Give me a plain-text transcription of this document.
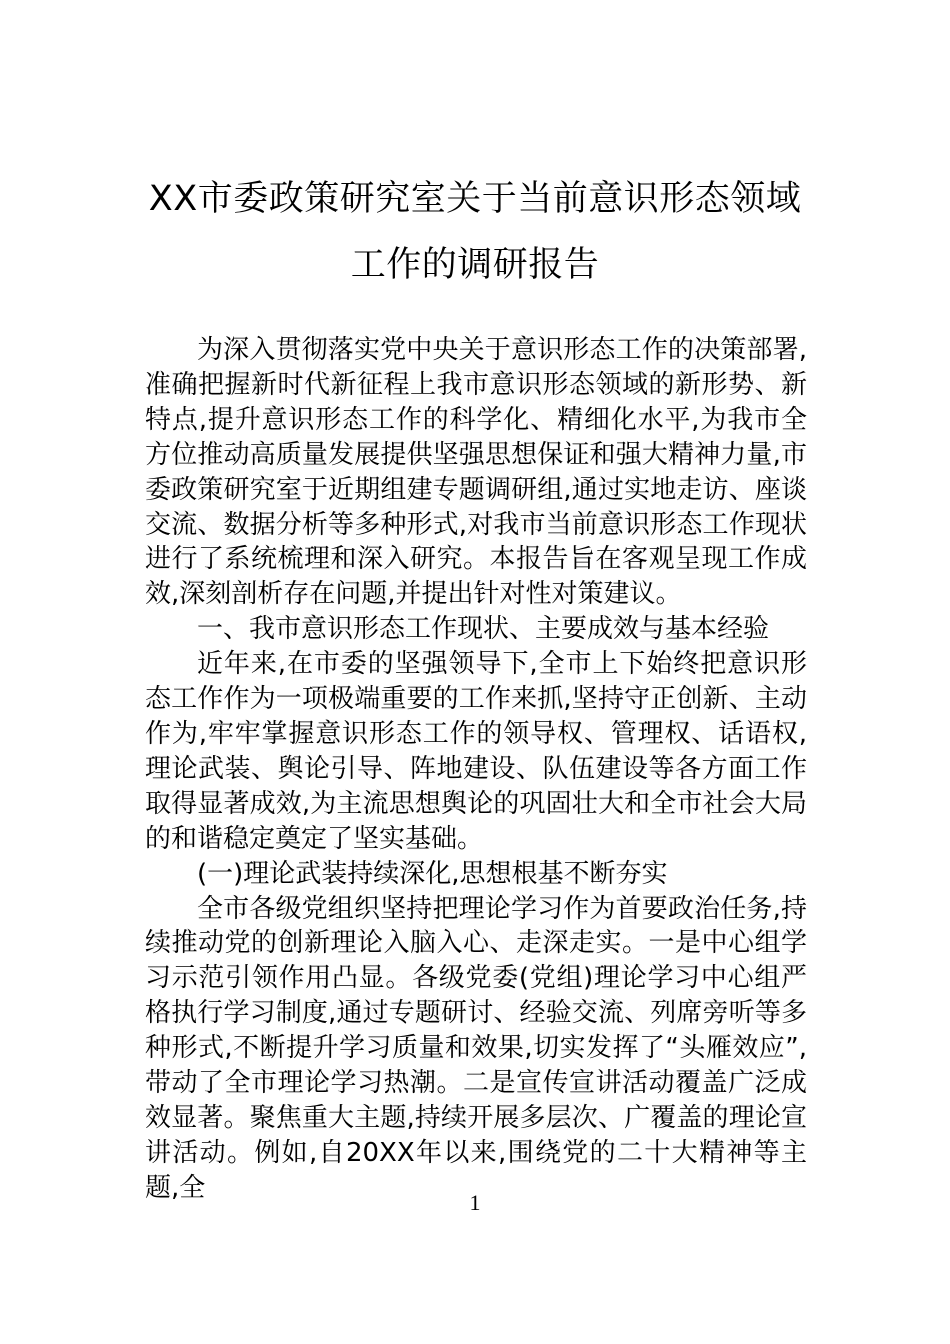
XX市委政策研究室关于当前意识形态领域
工作的调研报告

为深入贯彻落实党中央关于意识形态工作的决策部署,准确把握新时代新征程上我市意识形态领域的新形势、新特点,提升意识形态工作的科学化、精细化水平,为我市全方位推动高质量发展提供坚强思想保证和强大精神力量,市委政策研究室于近期组建专题调研组,通过实地走访、座谈交流、数据分析等多种形式,对我市当前意识形态工作现状进行了系统梳理和深入研究。本报告旨在客观呈现工作成效,深刻剖析存在问题,并提出针对性对策建议。

一、我市意识形态工作现状、主要成效与基本经验

近年来,在市委的坚强领导下,全市上下始终把意识形态工作作为一项极端重要的工作来抓,坚持守正创新、主动作为,牢牢掌握意识形态工作的领导权、管理权、话语权,理论武装、舆论引导、阵地建设、队伍建设等各方面工作取得显著成效,为主流思想舆论的巩固壮大和全市社会大局的和谐稳定奠定了坚实基础。

(一)理论武装持续深化,思想根基不断夯实

全市各级党组织坚持把理论学习作为首要政治任务,持续推动党的创新理论入脑入心、走深走实。一是中心组学习示范引领作用凸显。各级党委(党组)理论学习中心组严格执行学习制度,通过专题研讨、经验交流、列席旁听等多种形式,不断提升学习质量和效果,切实发挥了“头雁效应”,带动了全市理论学习热潮。二是宣传宣讲活动覆盖广泛成效显著。聚焦重大主题,持续开展多层次、广覆盖的理论宣讲活动。例如,自20XX年以来,围绕党的二十大精神等主题,全	1
